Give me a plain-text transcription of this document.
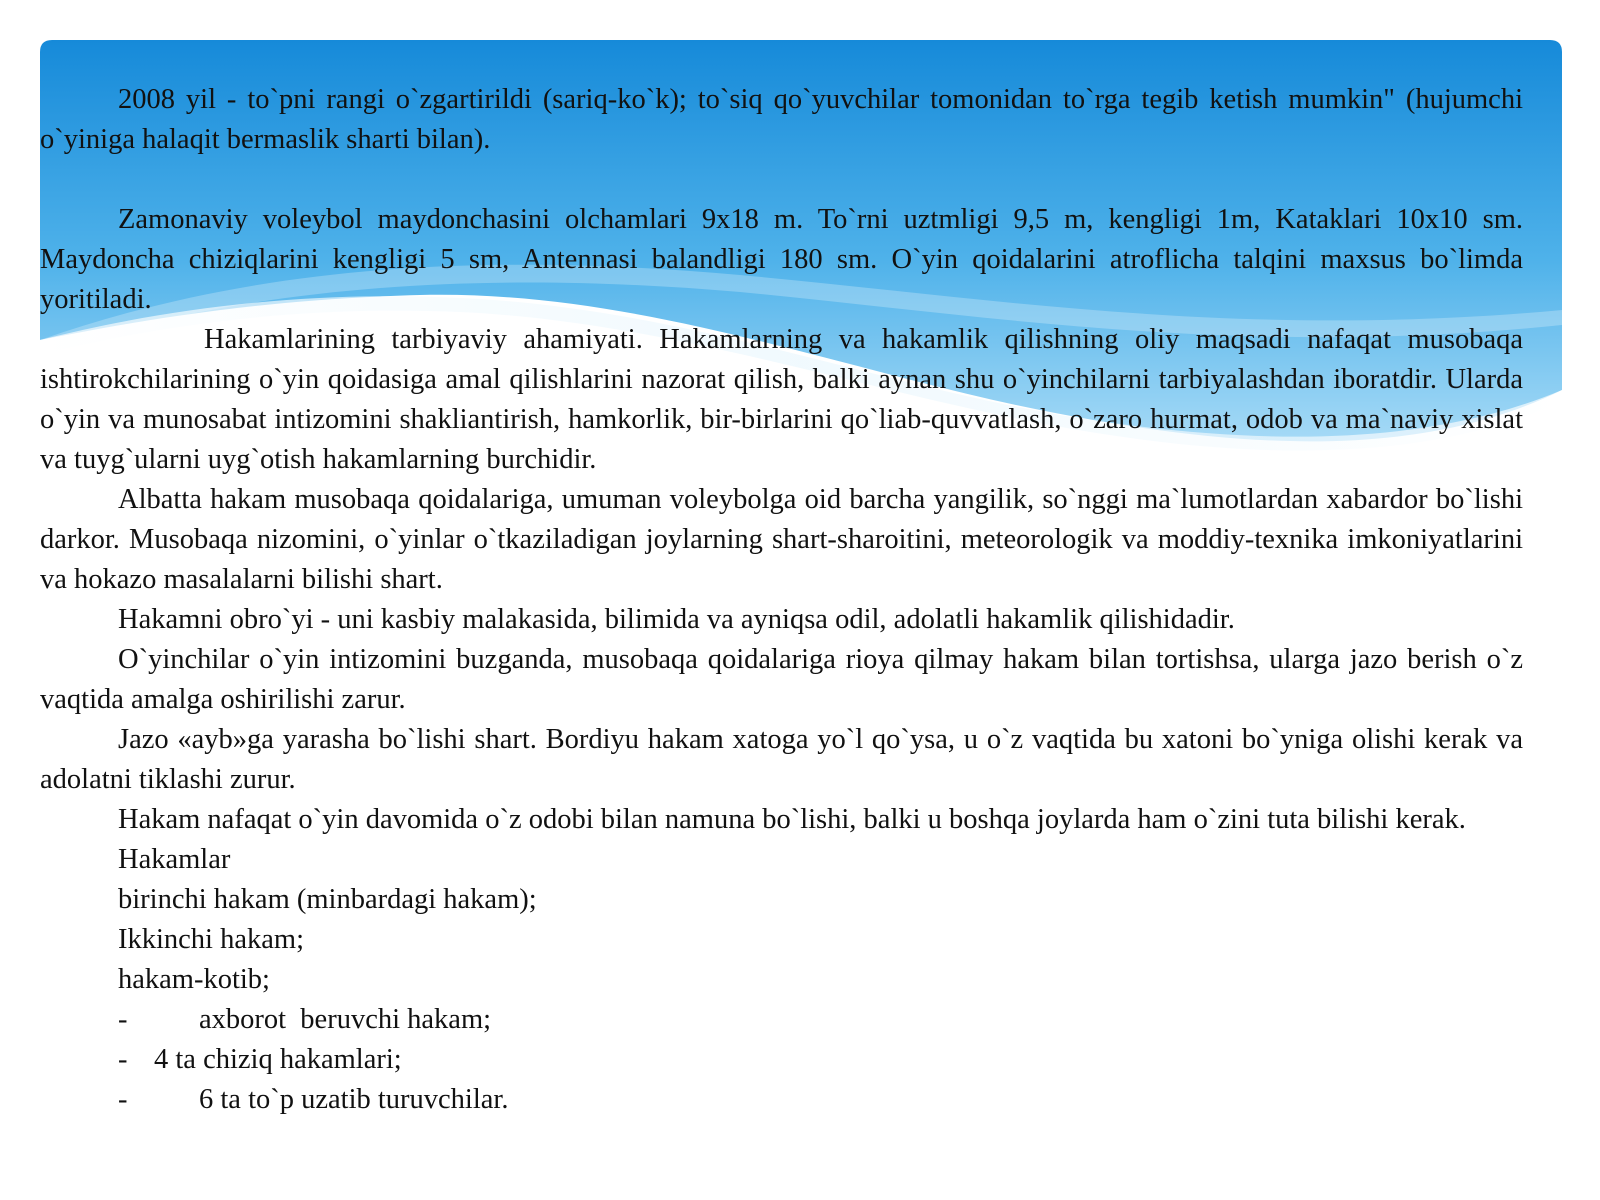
2008 yil - to`pni rangi o`zgartirildi (sariq-ko`k); to`siq qo`yuvchilar tomonidan to`rga tegib ketish mumkin" (hujumchi o`yiniga halaqit bermaslik sharti bilan).

Zamonaviy voleybol maydonchasini olchamlari 9x18 m. To`rni uztmligi 9,5 m, kengligi 1m, Kataklari 10x10 sm. Maydoncha chiziqlarini kengligi 5 sm, Antennasi balandligi 180 sm. O`yin qoidalarini atroflicha talqini maxsus bo`limda yoritiladi.

Hakamlarining tarbiyaviy ahamiyati. Hakamlarning va hakamlik qilishning oliy maqsadi nafaqat musobaqa ishtirokchilarining o`yin qoidasiga amal qilishlarini nazorat qilish, balki aynan shu o`yinchilarni tarbiyalashdan iboratdir. Ularda o`yin va munosabat intizomini shakliantirish, hamkorlik, bir-birlarini qo`liab-quvvatlash, o`zaro hurmat, odob va ma`naviy xislat va tuyg`ularni uyg`otish hakamlarning burchidir.

Albatta hakam musobaqa qoidalariga, umuman voleybolga oid barcha yangilik, so`nggi ma`lumotlardan xabardor bo`lishi darkor. Musobaqa nizomini, o`yinlar o`tkaziladigan joylarning shart-sharoitini, meteorologik va moddiy-texnika imkoniyatlarini va hokazo masalalarni bilishi shart.

Hakamni obro`yi - uni kasbiy malakasida, bilimida va ayniqsa odil, adolatli hakamlik qilishidadir.

O`yinchilar o`yin intizomini buzganda, musobaqa qoidalariga rioya qilmay hakam bilan tortishsa, ularga jazo berish o`z vaqtida amalga oshirilishi zarur.

Jazo «ayb»ga yarasha bo`lishi shart. Bordiyu hakam xatoga yo`l qo`ysa, u o`z vaqtida bu xatoni bo`yniga olishi kerak va adolatni tiklashi zurur.

Hakam nafaqat o`yin davomida o`z odobi bilan namuna bo`lishi, balki u boshqa joylarda ham o`zini tuta bilishi kerak.

Hakamlar

birinchi hakam (minbardagi hakam);

Ikkinchi hakam;

hakam-kotib;

-	axborot  beruvchi hakam;

- 4 ta chiziq hakamlari;

-	6 ta to`p uzatib turuvchilar.
